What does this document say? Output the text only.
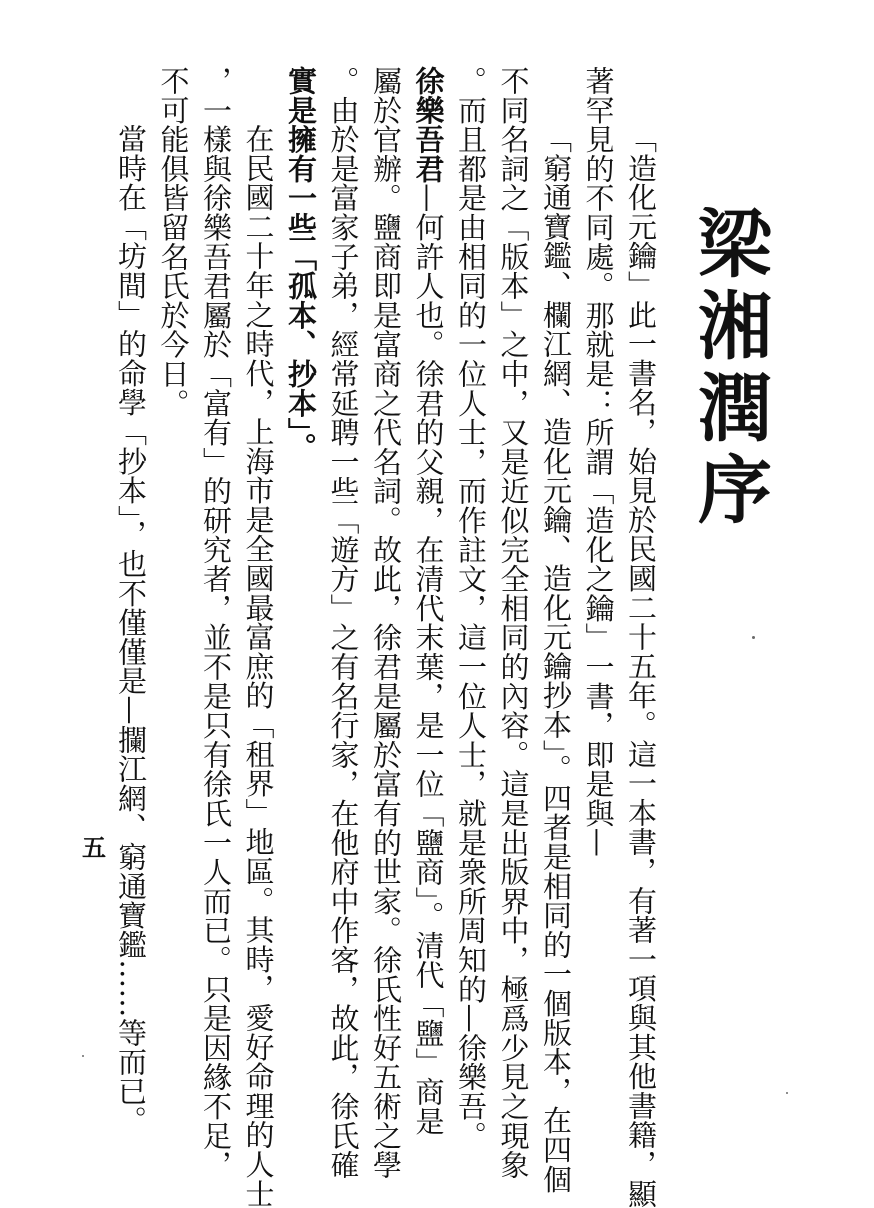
梁湘潤序

「造化元鑰」此一書名，始見於民國二十五年。這一本書，有著一項與其他書籍，顯

著罕見的不同處。那就是：所謂「造化之鑰」一書，即是與—

「窮通寶鑑、欄江網、造化元鑰、造化元鑰抄本」。四者是相同的一個版本，在四個

不同名詞之「版本」之中，又是近似完全相同的內容。這是出版界中，極爲少見之現象

。而且都是由相同的一位人士，而作註文，這一位人士，就是衆所周知的—徐樂吾。

徐樂吾君—何許人也。徐君的父親，在清代末葉，是一位「鹽商」。清代「鹽」商是

屬於官辦。鹽商即是富商之代名詞。故此，徐君是屬於富有的世家。徐氏性好五術之學

。由於是富家子弟，經常延聘一些「遊方」之有名行家，在他府中作客，故此，徐氏確

實是擁有一些「孤本、抄本」。

在民國二十年之時代，上海市是全國最富庶的「租界」地區。其時，愛好命理的人士

，一樣與徐樂吾君屬於「富有」的研究者，並不是只有徐氏一人而已。只是因緣不足，

不可能俱皆留名氏於今日。

當時在「坊間」的命學「抄本」，也不僅僅是—攔江網、窮通寶鑑……等而已。

五
